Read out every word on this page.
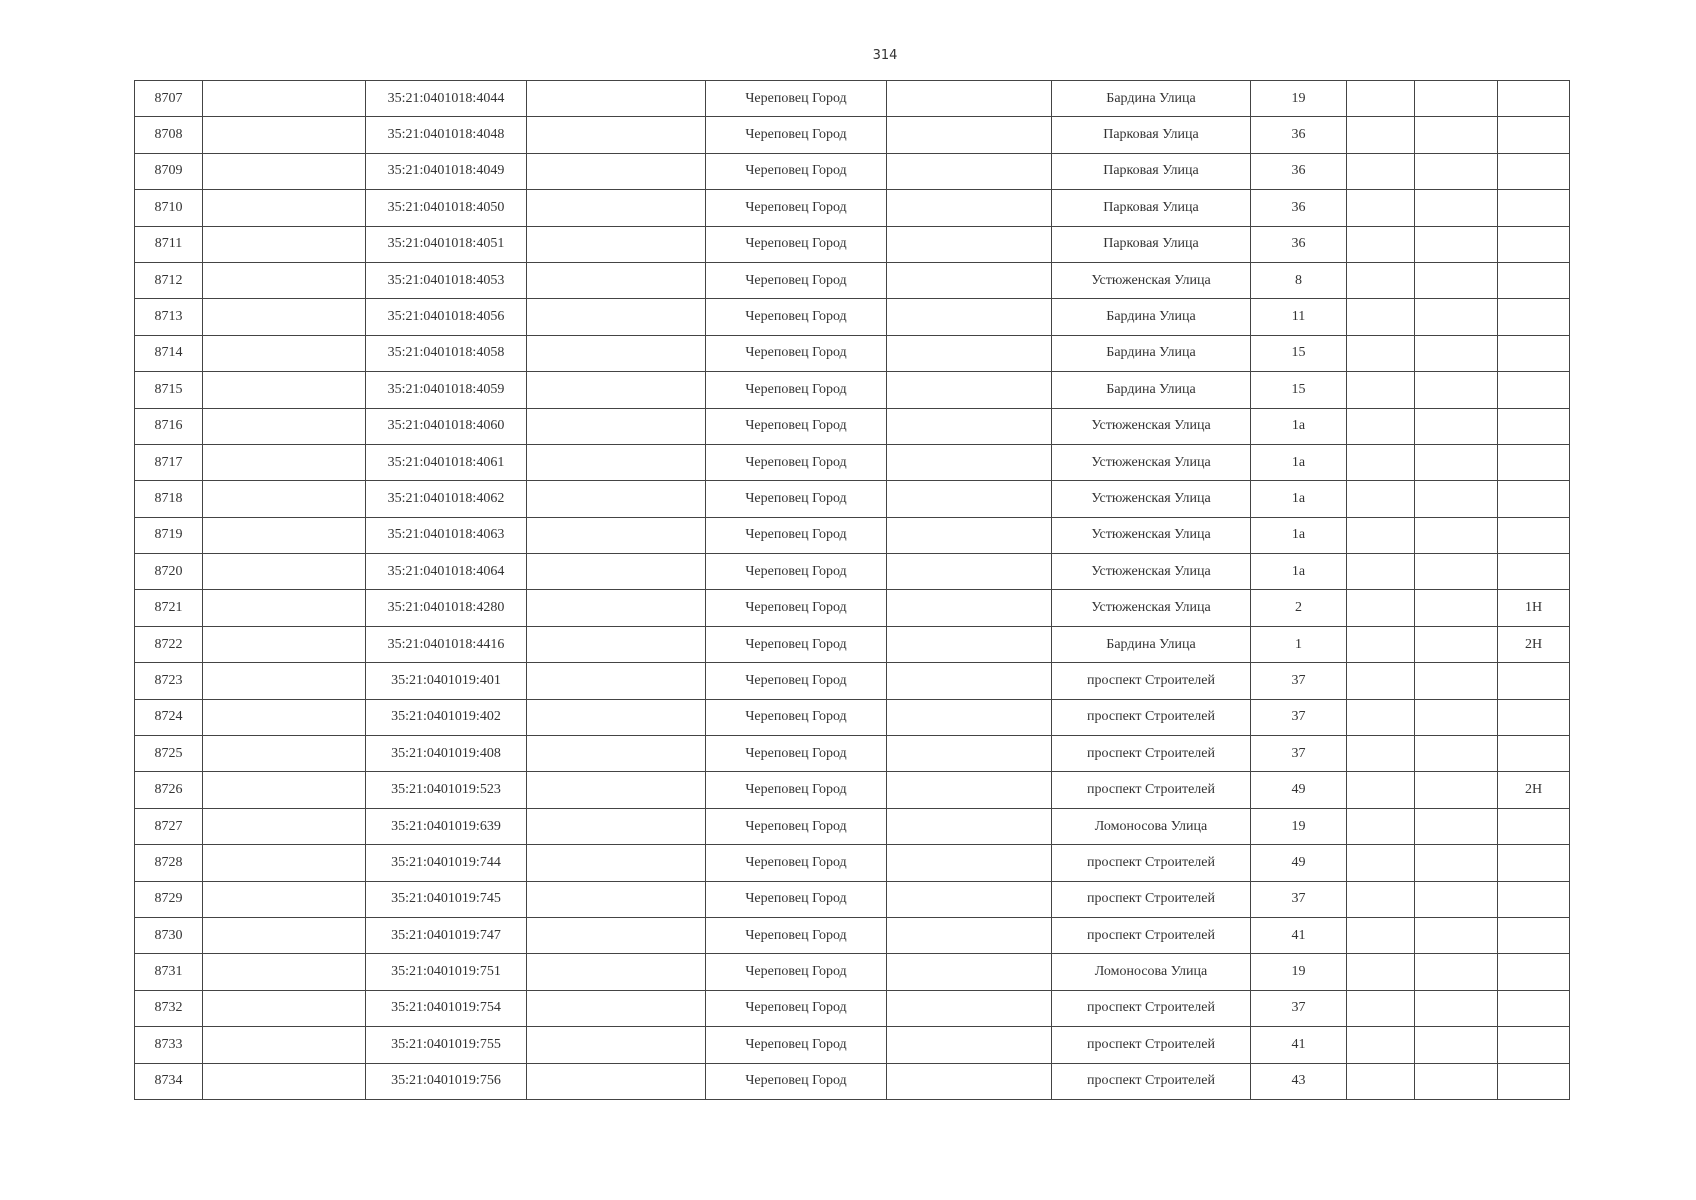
314
8707		35:21:0401018:4044		Череповец Город		Бардина Улица	19			
8708		35:21:0401018:4048		Череповец Город		Парковая Улица	36			
8709		35:21:0401018:4049		Череповец Город		Парковая Улица	36			
8710		35:21:0401018:4050		Череповец Город		Парковая Улица	36			
8711		35:21:0401018:4051		Череповец Город		Парковая Улица	36			
8712		35:21:0401018:4053		Череповец Город		Устюженская Улица	8			
8713		35:21:0401018:4056		Череповец Город		Бардина Улица	11			
8714		35:21:0401018:4058		Череповец Город		Бардина Улица	15			
8715		35:21:0401018:4059		Череповец Город		Бардина Улица	15			
8716		35:21:0401018:4060		Череповец Город		Устюженская Улица	1а			
8717		35:21:0401018:4061		Череповец Город		Устюженская Улица	1а			
8718		35:21:0401018:4062		Череповец Город		Устюженская Улица	1а			
8719		35:21:0401018:4063		Череповец Город		Устюженская Улица	1а			
8720		35:21:0401018:4064		Череповец Город		Устюженская Улица	1а			
8721		35:21:0401018:4280		Череповец Город		Устюженская Улица	2			1Н
8722		35:21:0401018:4416		Череповец Город		Бардина Улица	1			2Н
8723		35:21:0401019:401		Череповец Город		проспект Строителей	37			
8724		35:21:0401019:402		Череповец Город		проспект Строителей	37			
8725		35:21:0401019:408		Череповец Город		проспект Строителей	37			
8726		35:21:0401019:523		Череповец Город		проспект Строителей	49			2Н
8727		35:21:0401019:639		Череповец Город		Ломоносова Улица	19			
8728		35:21:0401019:744		Череповец Город		проспект Строителей	49			
8729		35:21:0401019:745		Череповец Город		проспект Строителей	37			
8730		35:21:0401019:747		Череповец Город		проспект Строителей	41			
8731		35:21:0401019:751		Череповец Город		Ломоносова Улица	19			
8732		35:21:0401019:754		Череповец Город		проспект Строителей	37			
8733		35:21:0401019:755		Череповец Город		проспект Строителей	41			
8734		35:21:0401019:756		Череповец Город		проспект Строителей	43			
